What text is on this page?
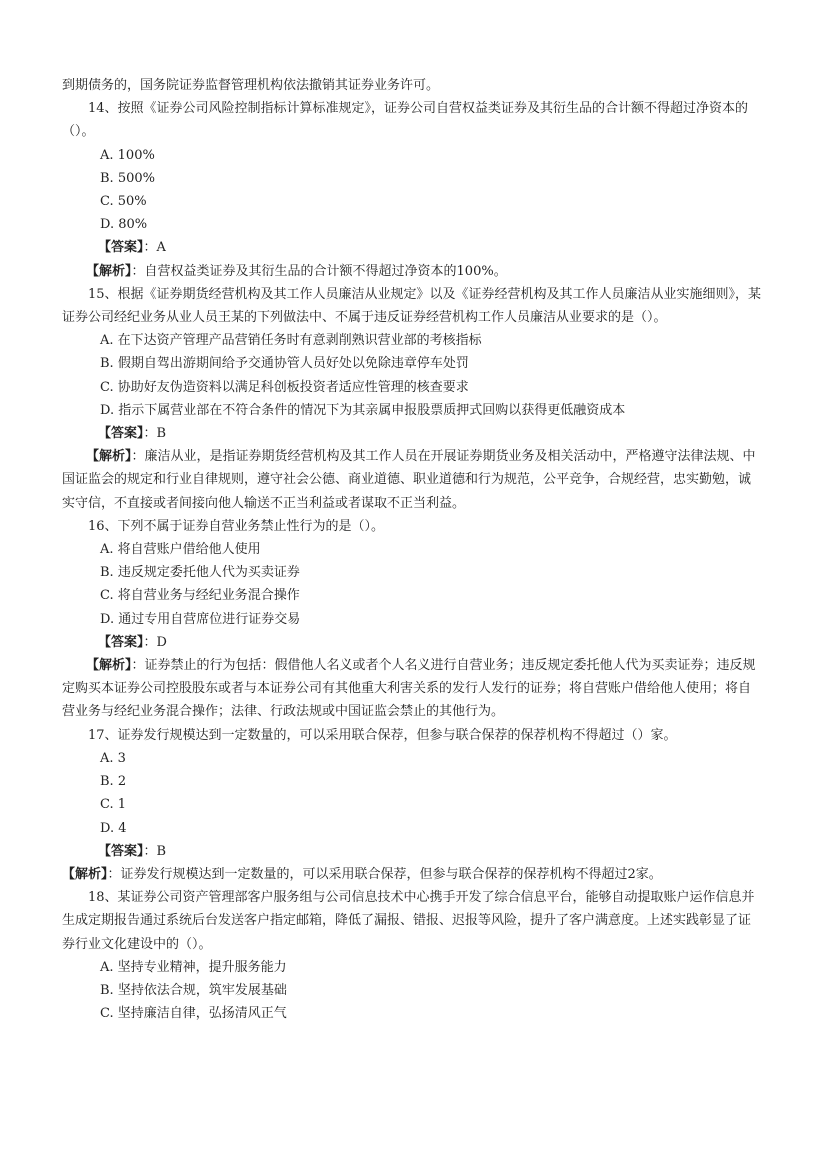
到期债务的，国务院证券监督管理机构依法撤销其证券业务许可。

14、按照《证券公司风险控制指标计算标准规定》，证券公司自营权益类证券及其衍生品的合计额不得超过净资本的（）。

A. 100%

B. 500%

C. 50%

D. 80%

【答案】：A

【解析】：自营权益类证券及其衍生品的合计额不得超过净资本的100%。

15、根据《证券期货经营机构及其工作人员廉洁从业规定》以及《证券经营机构及其工作人员廉洁从业实施细则》，某证券公司经纪业务从业人员王某的下列做法中、不属于违反证券经营机构工作人员廉洁从业要求的是（）。

A. 在下达资产管理产品营销任务时有意剥削熟识营业部的考核指标

B. 假期自驾出游期间给予交通协管人员好处以免除违章停车处罚

C. 协助好友伪造资料以满足科创板投资者适应性管理的核查要求

D. 指示下属营业部在不符合条件的情况下为其亲属申报股票质押式回购以获得更低融资成本

【答案】：B

【解析】：廉洁从业，是指证券期货经营机构及其工作人员在开展证券期货业务及相关活动中，严格遵守法律法规、中国证监会的规定和行业自律规则，遵守社会公德、商业道德、职业道德和行为规范，公平竞争，合规经营，忠实勤勉，诚实守信，不直接或者间接向他人输送不正当利益或者谋取不正当利益。

16、下列不属于证券自营业务禁止性行为的是（）。

A. 将自营账户借给他人使用

B. 违反规定委托他人代为买卖证券

C. 将自营业务与经纪业务混合操作

D. 通过专用自营席位进行证券交易

【答案】：D

【解析】：证券禁止的行为包括：假借他人名义或者个人名义进行自营业务；违反规定委托他人代为买卖证券；违反规定购买本证券公司控股股东或者与本证券公司有其他重大利害关系的发行人发行的证券；将自营账户借给他人使用；将自营业务与经纪业务混合操作；法律、行政法规或中国证监会禁止的其他行为。

17、证券发行规模达到一定数量的，可以采用联合保荐，但参与联合保荐的保荐机构不得超过（）家。

A. 3

B. 2

C. 1

D. 4

【答案】：B

【解析】：证券发行规模达到一定数量的，可以采用联合保荐，但参与联合保荐的保荐机构不得超过2家。

18、某证券公司资产管理部客户服务组与公司信息技术中心携手开发了综合信息平台，能够自动提取账户运作信息并生成定期报告通过系统后台发送客户指定邮箱，降低了漏报、错报、迟报等风险，提升了客户满意度。上述实践彰显了证券行业文化建设中的（）。

A. 坚持专业精神，提升服务能力

B. 坚持依法合规，筑牢发展基础

C. 坚持廉洁自律，弘扬清风正气
